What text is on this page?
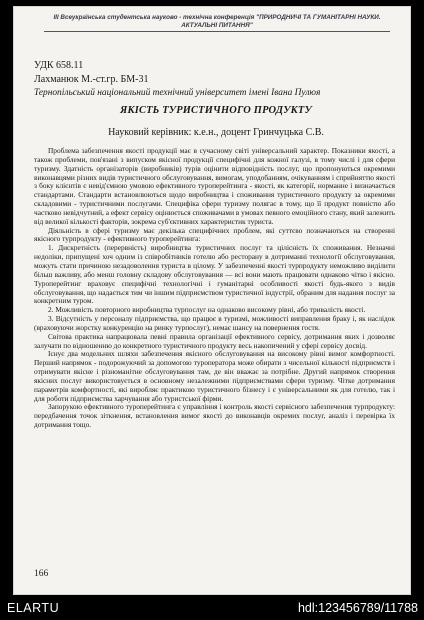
III Всеукраїнська студентська науково - технічна конференція "ПРИРОДНИЧІ ТА ГУМАНІТАРНІ НАУКИ.
АКТУАЛЬНІ ПИТАННЯ"
УДК 658.11
Лахманюк М.-ст.гр. БМ-31
Тернопільський національний технічний університет імені Івана Пулюя
ЯКІСТЬ ТУРИСТИЧНОГО ПРОДУКТУ
Науковий керівник: к.е.н., доцент Гринчуцька С.В.

Проблема забезпечення якості продукції має в сучасному світі універсальний характер. Показники якості, а також проблеми, пов'язані з випуском якісної продукції специфічні для кожної галузі, в тому числі і для сфери туризму. Здатність організаторів (виробників) турів оцінити відповідність послуг, що пропонуються окремими виконавцями різних видів туристичного обслуговування, вимогам, уподобанням, очікуванням і сприйняттю якості з боку клієнтів є невід'ємною умовою ефективного туроперейтинга - якості, як категорії, норманне і визначається стандартами. Стандарти встановлюються щодо виробництва і споживання туристичного продукту за окремими складовими - туристичними послугами. Специфіка сфери туризму полягає в тому, що її продукт повністю або частково невідчутний, а ефект сервісу оцінюється споживачами в умовах певного емоційного стану, який залежить від великої кількості факторів, зокрема суб'єктивних характеристик туриста.

Діяльність в сфері туризму має декілька специфічних проблем, які суттєво позначаються на створенні якісного турпродукту - ефективного туроперейтинга:

1. Дискретність (перервність) виробництва туристичних послуг та цілісність їх споживання. Незначні недоліки, припущені хоч одним із співробітників готелю або ресторану в дотриманні технології обслуговування, можуть стати причиною незадоволення туриста в цілому. У забезпеченні якості турпродукту неможливо виділити більш важливу, або менш головну складову обслуговування — всі вони мають працювати однаково чітко і якісно. Туроперейтинг враховує специфічні технологічні і гуманітарні особливості якості будь-якого з видів обслуговування, що надається тим чи іншим підприємством туристичної індустрії, обраним для надання послуг за конкретним туром.

2. Можливість повторного виробництва турпослуг на однаково високому рівні, або тривалість якості.

3. Відсутність у персоналу підприємства, що працює в туризмі, можливості виправлення браку і, як наслідок (враховуючи жорстку конкуренцію на ринку турпослуг), немає шансу на повернення гостя.

Світова практика напрацювала певні правила організації ефективного сервісу, дотримання яких і дозволяє залучати по відношенню до конкретного туристичного продукту весь накопичений у сфері сервісу досвід.

Існує два модельних шляхи забезпечення якісного обслуговування на високому рівні вимог комфортності. Перший напрямок - подорожуючий за допомогою туроператора може обирати з чисельної кількості підприємств і отримувати якісне і різноманітне обслуговування там, де він вважає за потрібне. Другий напрямок створення якісних послуг використовується в основному незалежними підприємствами сфери туризму. Чітке дотримання параметрів комфортності, які виробляє практикою туристичного бізнесу і є універсальними як для готелю, так і для роботи підприємства харчування або туристської фірми.

Запорукою ефективного туроперейтинга є управління і контроль якості сервісного забезпечення турпродукту: передбачення точок зіткнення, встановлення вимог якості до виконавців окремих послуг, аналіз і перевірка їх дотримання тощо.

166
ELARTU	hdl:123456789/11788
